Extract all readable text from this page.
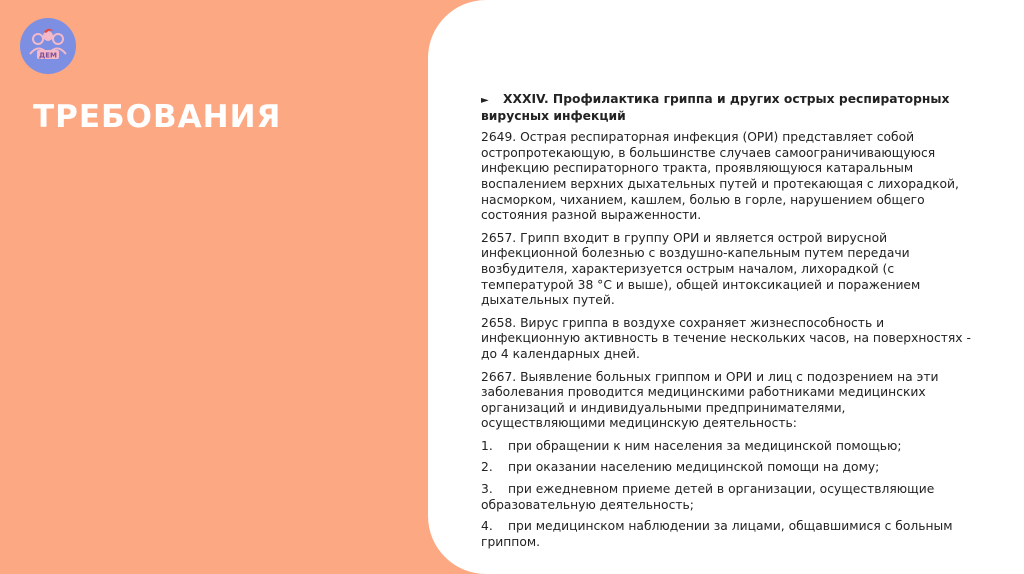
ДЕМ
ТРЕБОВАНИЯ	► XXXIV. Профилактика гриппа и других острых респираторных вирусных инфекций

2649. Острая респираторная инфекция (ОРИ) представляет собой остропротекающую, в большинстве случаев самоограничивающуюся инфекцию респираторного тракта, проявляющуюся катаральным воспалением верхних дыхательных путей и протекающая с лихорадкой, насморком, чиханием, кашлем, болью в горле, нарушением общего состояния разной выраженности.

2657. Грипп входит в группу ОРИ и является острой вирусной инфекционной болезнью с воздушно-капельным путем передачи возбудителя, характеризуется острым началом, лихорадкой (с температурой 38 °С и выше), общей интоксикацией и поражением дыхательных путей.

2658. Вирус гриппа в воздухе сохраняет жизнеспособность и инфекционную активность в течение нескольких часов, на поверхностях - до 4 календарных дней.

2667. Выявление больных гриппом и ОРИ и лиц с подозрением на эти заболевания проводится медицинскими работниками медицинских организаций и индивидуальными предпринимателями, осуществляющими медицинскую деятельность:

1. при обращении к ним населения за медицинской помощью;

2. при оказании населению медицинской помощи на дому;

3. при ежедневном приеме детей в организации, осуществляющие образовательную деятельность;

4. при медицинском наблюдении за лицами, общавшимися с больным гриппом.
